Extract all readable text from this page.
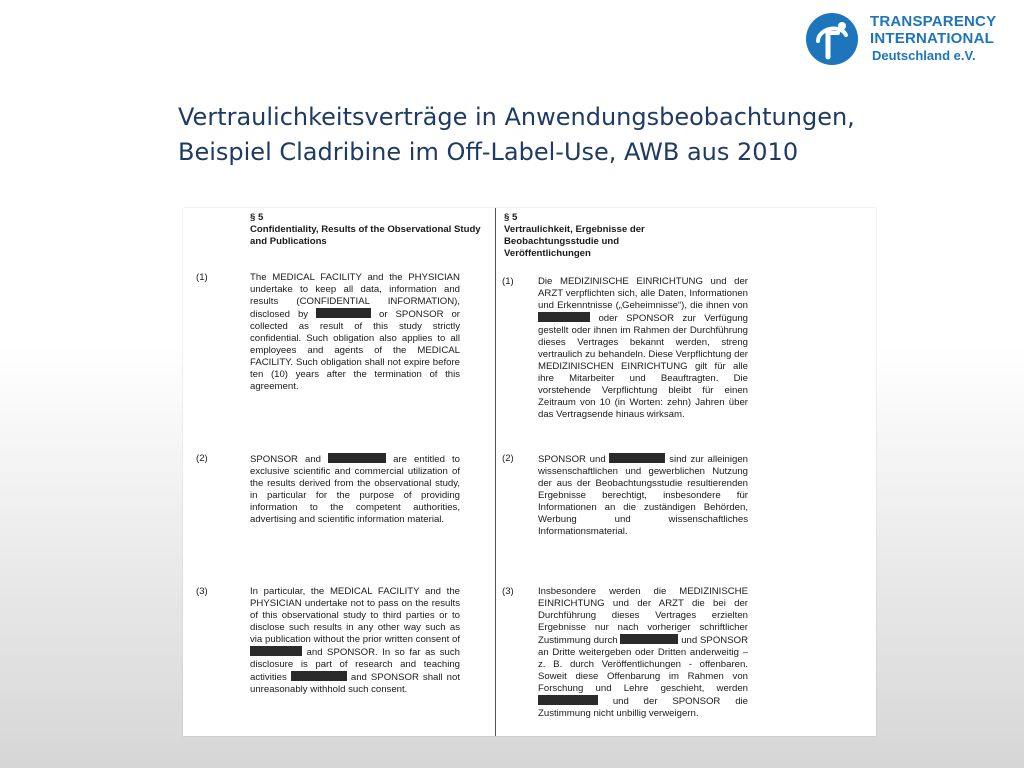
TRANSPARENCY
INTERNATIONAL
Deutschland e.V.
Vertraulichkeitsverträge in Anwendungsbeobachtungen,
Beispiel Cladribine im Off-Label-Use, AWB aus 2010
§ 5
Confidentiality, Results of the Observational Study and Publications
(1)	The MEDICAL FACILITY and the PHYSICIAN undertake to keep all data, information and results (CONFIDENTIAL INFORMATION), disclosed by	or SPONSOR or collected as result of this study strictly confidential. Such obligation also applies to all employees and agents of the MEDICAL FACILITY. Such obligation shall not expire before ten (10) years after the termination of this agreement.
(2)	SPONSOR and	are entitled to exclusive scientific and commercial utilization of the results derived from the observational study, in particular for the purpose of providing information to the competent authorities, advertising and scientific information material.
(3)	In particular, the MEDICAL FACILITY and the PHYSICIAN undertake not to pass on the results of this observational study to third parties or to disclose such results in any other way such as via publication without the prior written consent of  and SPONSOR. In so far as such disclosure is part of research and teaching activities	and SPONSOR shall not unreasonably withhold such consent.
§ 5
Vertraulichkeit, Ergebnisse der
Beobachtungsstudie und
Veröffentlichungen
(1)	Die MEDIZINISCHE EINRICHTUNG und der ARZT verpflichten sich, alle Daten, Informationen und Erkenntnisse („Geheimnisse“), die ihnen von  oder SPONSOR zur Verfügung gestellt oder ihnen im Rahmen der Durchführung dieses Vertrages bekannt werden, streng vertraulich zu behandeln. Diese Verpflichtung der MEDIZINISCHEN EINRICHTUNG gilt für alle ihre Mitarbeiter und Beauftragten. Die vorstehende Verpflichtung bleibt für einen Zeitraum von 10 (in Worten: zehn) Jahren über das Vertragsende hinaus wirksam.
(2)	SPONSOR und	sind zur alleinigen wissenschaftlichen und gewerblichen Nutzung der aus der Beobachtungsstudie resultierenden Ergebnisse berechtigt, insbesondere für Informationen an die zuständigen Behörden, Werbung und wissenschaftliches Informationsmaterial.
(3)	Insbesondere werden die MEDIZINISCHE EINRICHTUNG und der ARZT die bei der Durchführung dieses Vertrages erzielten Ergebnisse nur nach vorheriger schriftlicher Zustimmung durch	und SPONSOR an Dritte weitergeben oder Dritten anderweitig – z. B. durch Veröffentlichungen - offenbaren. Soweit diese Offenbarung im Rahmen von Forschung und Lehre geschieht, werden  und der SPONSOR die Zustimmung nicht unbillig verweigern.
